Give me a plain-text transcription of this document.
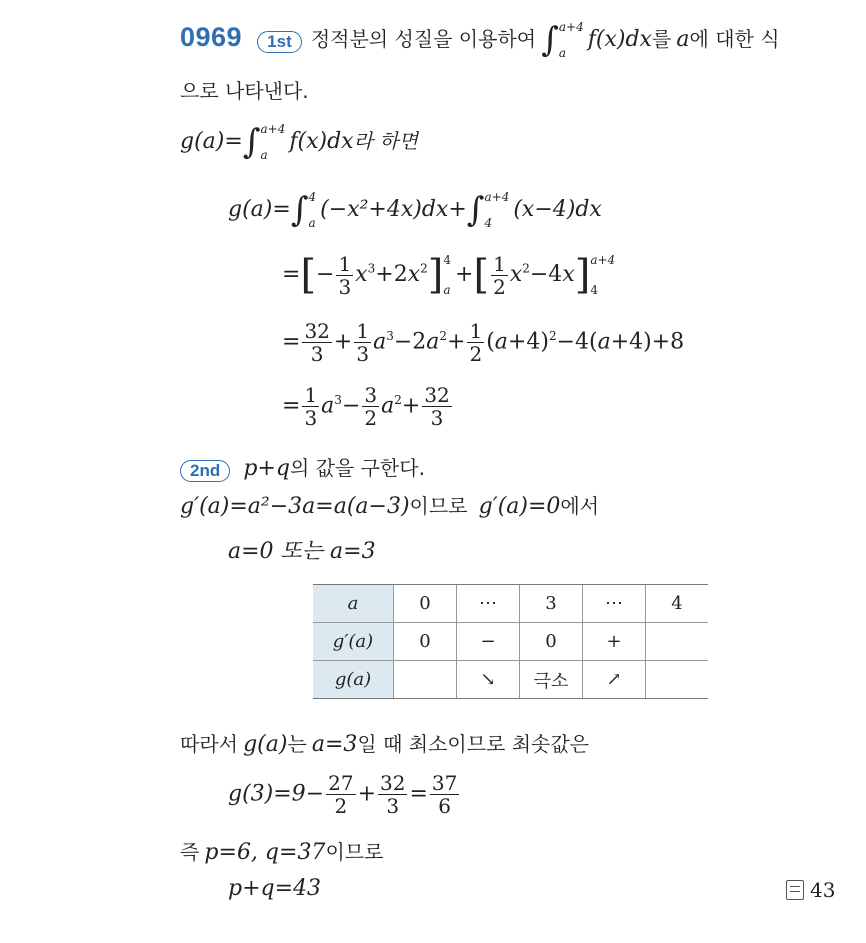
0969 1st 정적분의 성질을 이용하여 ∫ a+4
a
f(x)dx를 a에 대한 식
으로 나타낸다.
g(a)=∫ a+4
a
f(x)dx라 하면
g(a)=∫ 4
a
(−x²+4x)dx+∫ a+4
4
(x−4)dx
=[− $\frac{1}{3} x^3+2x^2$] 4
a
+[ $\frac{1}{2} x^2-4x$] a+4
4
= $\frac{32}{3} + \frac{1}{3} a^3-2a^2+ \frac{1}{2} (a+4)^2-4(a+4)+8$
= $\frac{1}{3} a^3- \frac{3}{2} a^2+ \frac{32}{3}$
2nd p+q의 값을 구한다.
g′(a)=a²−3a=a(a−3)이므로 g′(a)=0에서
a=0 또는 a=3
a	0	⋯	3	⋯	4
g′(a)	0	−	0	+	
g(a)		↘	극소	↗	
따라서 g(a)는 a=3일 때 최소이므로 최솟값은
$g(3)=9- \frac{27}{2} + \frac{32}{3} = \frac{37}{6}$
즉 p=6, q=37이므로
p+q=43	43
